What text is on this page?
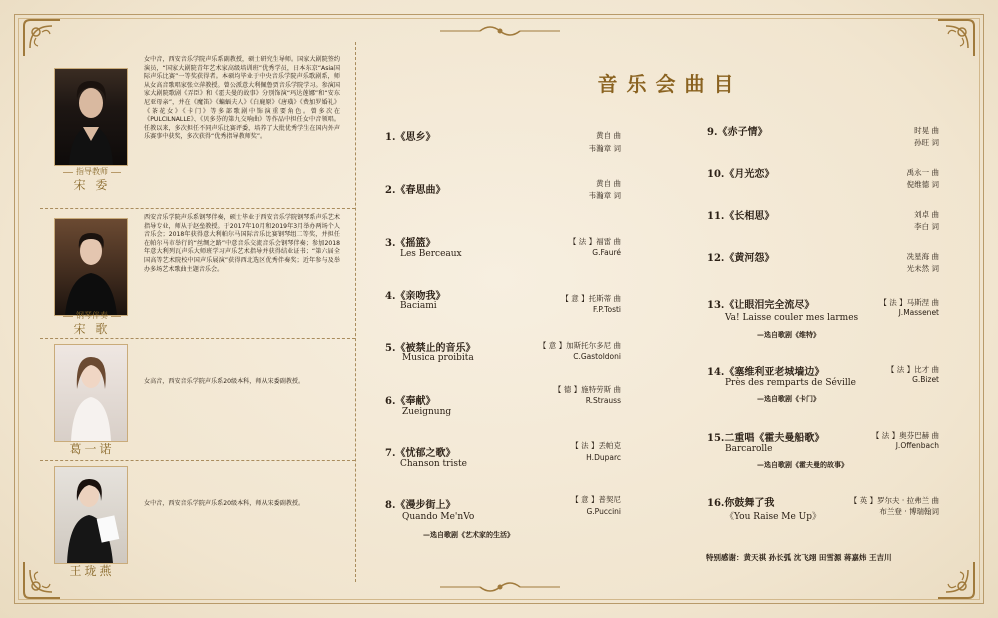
指导教师
宋 委
女中音，西安音乐学院声乐系副教授，硕士研究生导师。国家大剧院签约演员，“国家大剧院青年艺术家高级培训班”优秀学员，日本东京“Asia国际声乐比赛”一等奖获得者。本硕均毕业于中央音乐学院声乐歌剧系，师从女高音歌唱家张立萍教授。曾公派意大利佩鲁贾音乐学院学习。参演国家大剧院歌剧《弄臣》和《霍夫曼的故事》分别饰演“玛达莲娜”和“安东尼亚母亲”，并在《魔笛》《蝙蝠夫人》《白鹿原》《唐璜》《费加罗婚礼》《茶花女》《卡门》等多部歌剧中饰演重要角色。曾多次在《PULCILNALLE》、《贝多芬的第九交响曲》等作品中担任女中音领唱。任教以来，多次担任不同声乐比赛评委，培养了大批优秀学生在国内外声乐赛事中获奖，多次获得“优秀指导教师奖”。
钢琴伴奏
宋 歌
西安音乐学院声乐系钢琴伴奏，硕士毕业于西安音乐学院钢琴系声乐艺术指导专业，师从于赵垒教授。于2017年10月和2019年3月举办两场个人音乐会；2018年获得意大利帕尔马国际音乐比赛钢琴组二等奖，并担任在帕尔马市举行的“丝绸之路”中意音乐交流音乐会钢琴伴奏；参加2018年意大利列瓦声乐大师班学习声乐艺术指导并获得结业证书；“第六届全国高等艺术院校中国声乐展演”获得西北选区优秀伴奏奖；近年参与及举办多场艺术歌曲主题音乐会。
葛一诺
女高音，西安音乐学院声乐系20级本科，师从宋委副教授。
王珑燕
女中音，西安音乐学院声乐系20级本科，师从宋委副教授。
音乐会曲目
1.《思乡》	黄自 曲
韦瀚章 词
2.《春思曲》
黄自 曲
韦瀚章 词
3.《摇篮》
Les Berceaux
【 法 】福雷 曲
G.Fauré
4.《亲吻我》
Baciami
【 意 】托斯蒂 曲
F.P.Tosti
5.《被禁止的音乐》
Musica proibita
【 意 】加斯托尔多尼 曲
C.Gastoldoni
6.《奉献》
Zueignung
【 德 】施特劳斯 曲
R.Strauss
7.《忧郁之歌》
Chanson triste
【 法 】丢帕克
H.Duparc
8.《漫步街上》
Quando Me'nVo
【 意 】普契尼
G.Puccini
—选自歌剧《艺术家的生活》
9.《赤子情》	时晃 曲
孙旺 词
10.《月光恋》	禹永一 曲
倪维德 词
11.《长相思》	刘卓 曲
李白 词
12.《黄河怨》	冼星海 曲
光未然 词
13.《让眼泪完全流尽》
Va! Laisse couler mes larmes
【 法 】马斯涅 曲
J.Massenet
—选自歌剧《维特》
14.《塞维利亚老城墙边》
Près des remparts de Séville
【 法 】比才 曲
G.Bizet
—选自歌剧《卡门》
15.二重唱《霍夫曼船歌》
Barcarolle
【 法 】奥芬巴赫 曲
J.Offenbach
—选自歌剧《霍夫曼的故事》
16.你鼓舞了我
《You Raise Me Up》
【 英 】罗尔夫 · 拉弗兰 曲
布兰登 · 博瑞翰词
特别感谢：黄天祺 孙长弧 沈飞翊 田雪源 蒋嘉炜 王吉川
